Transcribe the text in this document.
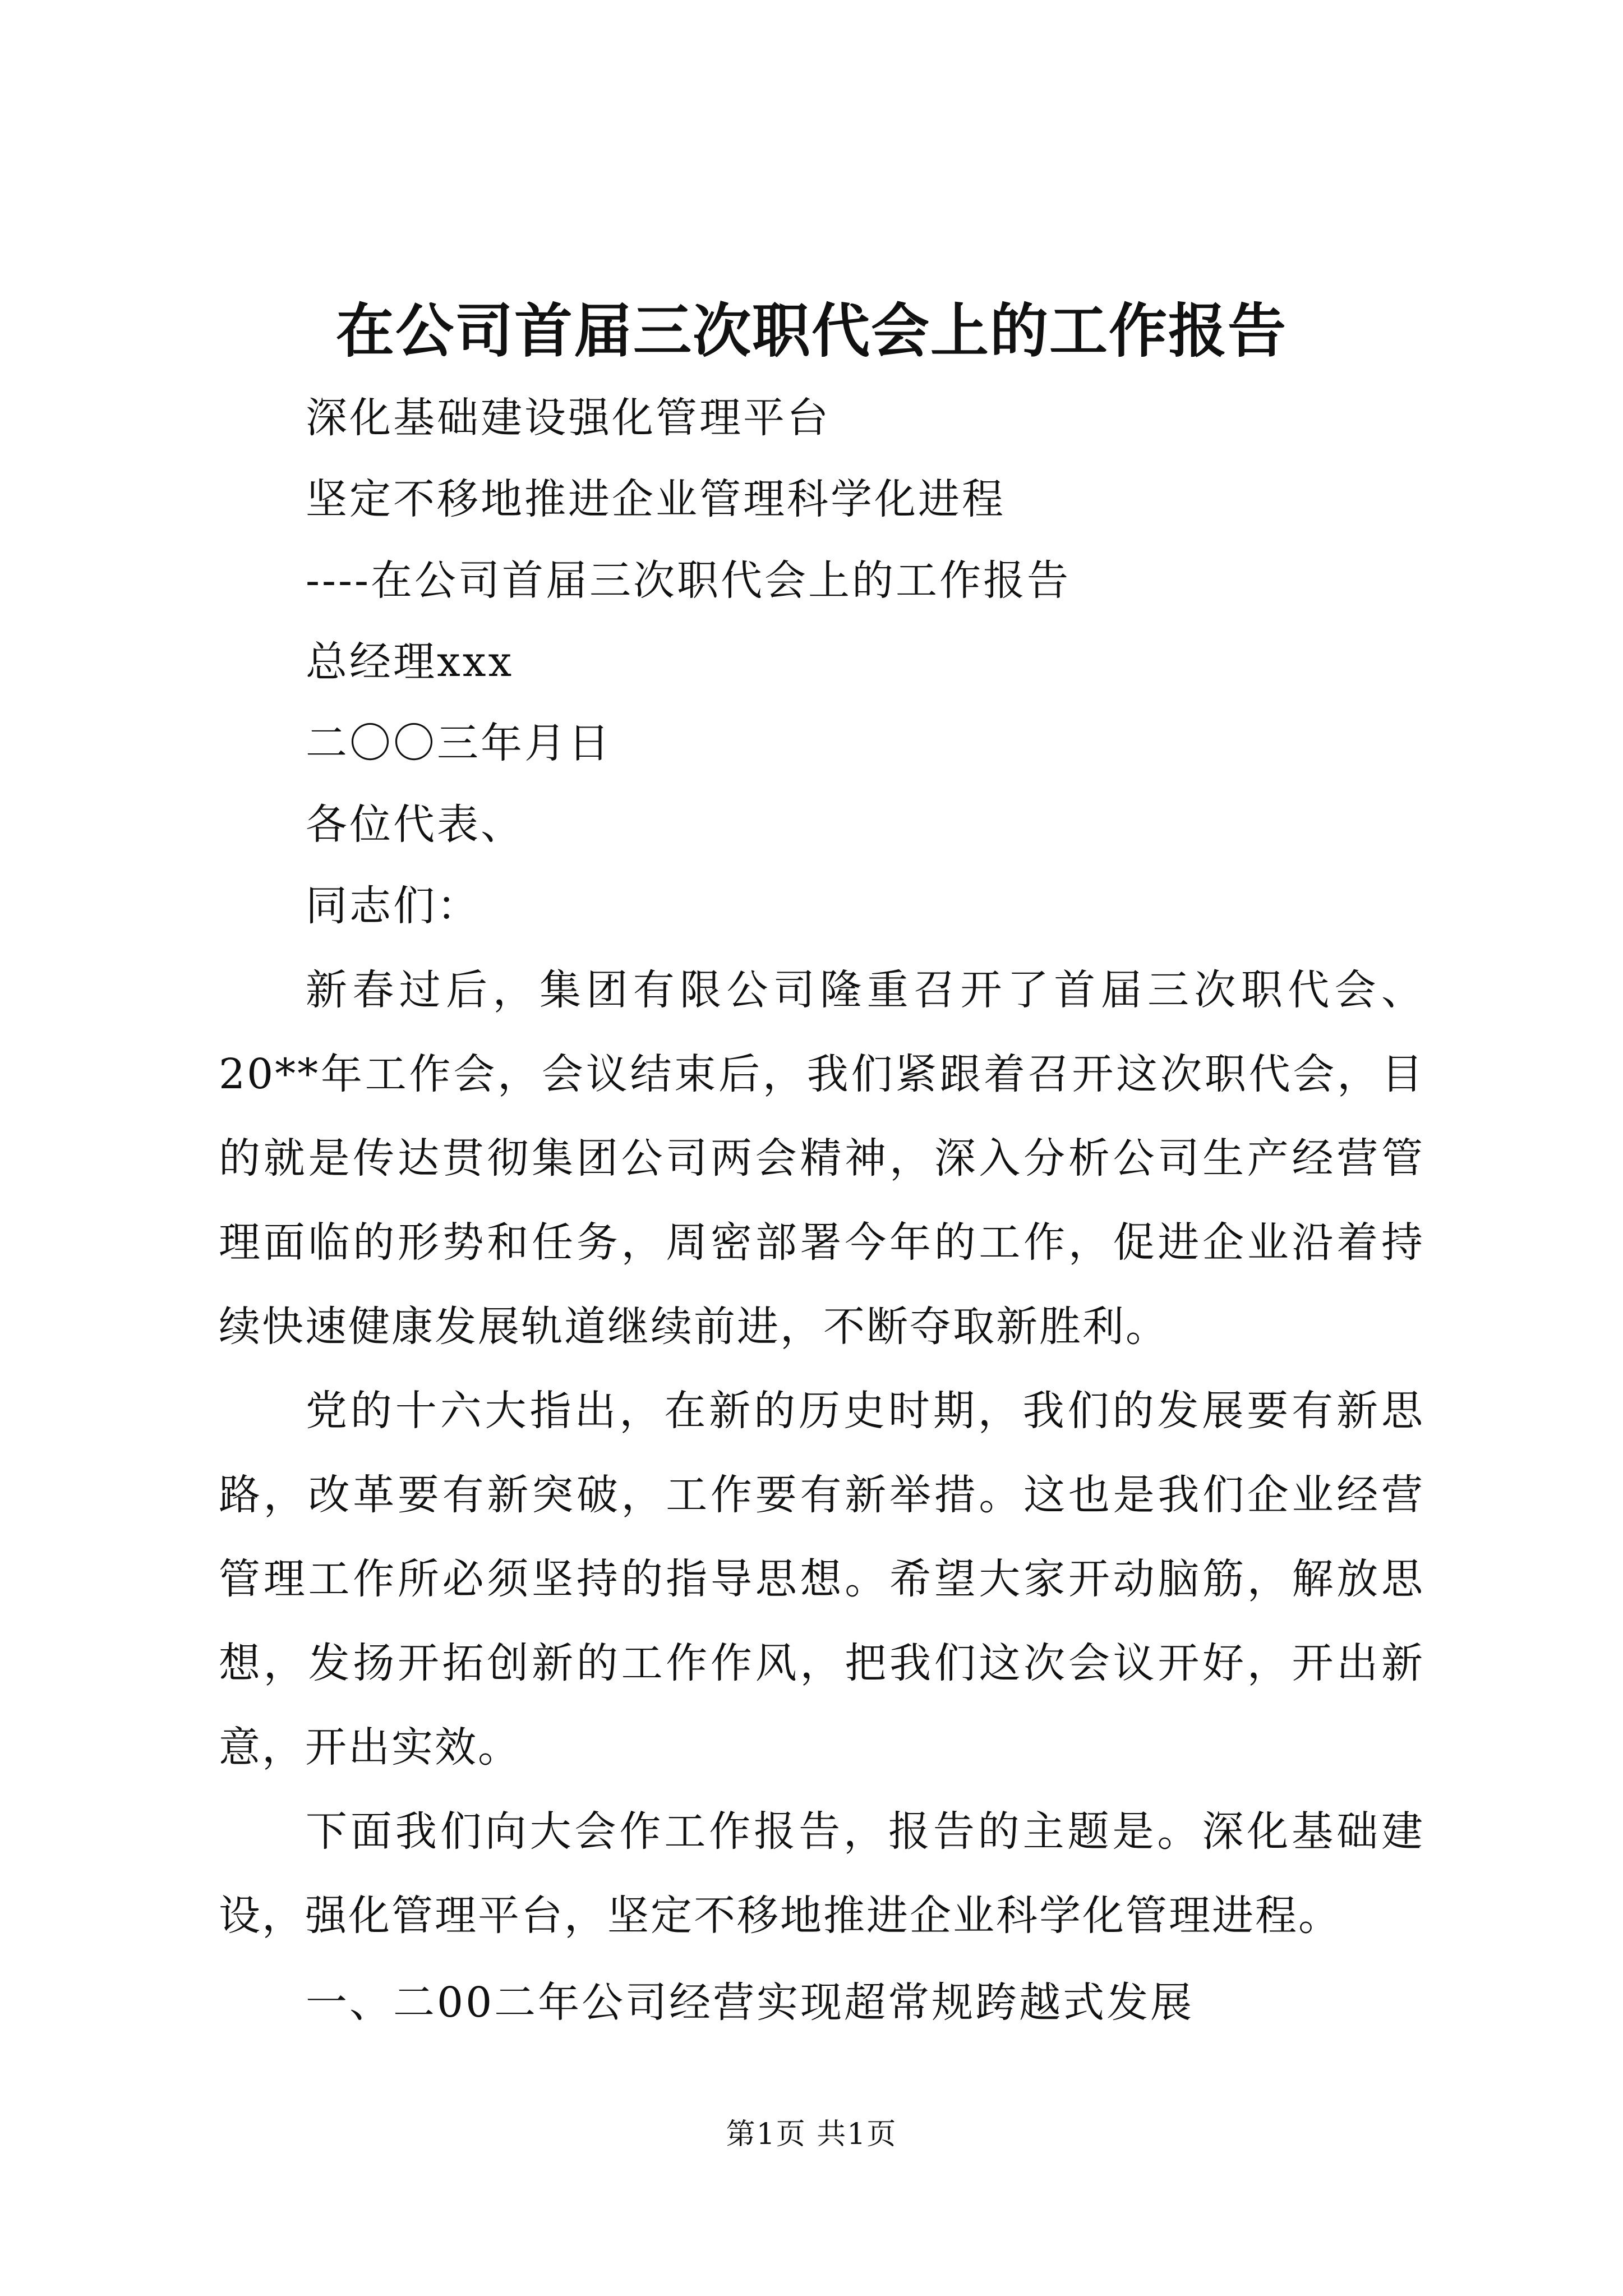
在公司首届三次职代会上的工作报告
深化基础建设强化管理平台
坚定不移地推进企业管理科学化进程
----在公司首届三次职代会上的工作报告
总经理xxx
二〇〇三年月日
各位代表、
同志们：
新春过后，集团有限公司隆重召开了首届三次职代会、20**年工作会，会议结束后，我们紧跟着召开这次职代会，目的就是传达贯彻集团公司两会精神，深入分析公司生产经营管理面临的形势和任务，周密部署今年的工作，促进企业沿着持续快速健康发展轨道继续前进，不断夺取新胜利。
党的十六大指出，在新的历史时期，我们的发展要有新思路，改革要有新突破，工作要有新举措。这也是我们企业经营管理工作所必须坚持的指导思想。希望大家开动脑筋，解放思想，发扬开拓创新的工作作风，把我们这次会议开好，开出新意，开出实效。
下面我们向大会作工作报告，报告的主题是。深化基础建设，强化管理平台，坚定不移地推进企业科学化管理进程。
一、二00二年公司经营实现超常规跨越式发展
第1页 共1页
